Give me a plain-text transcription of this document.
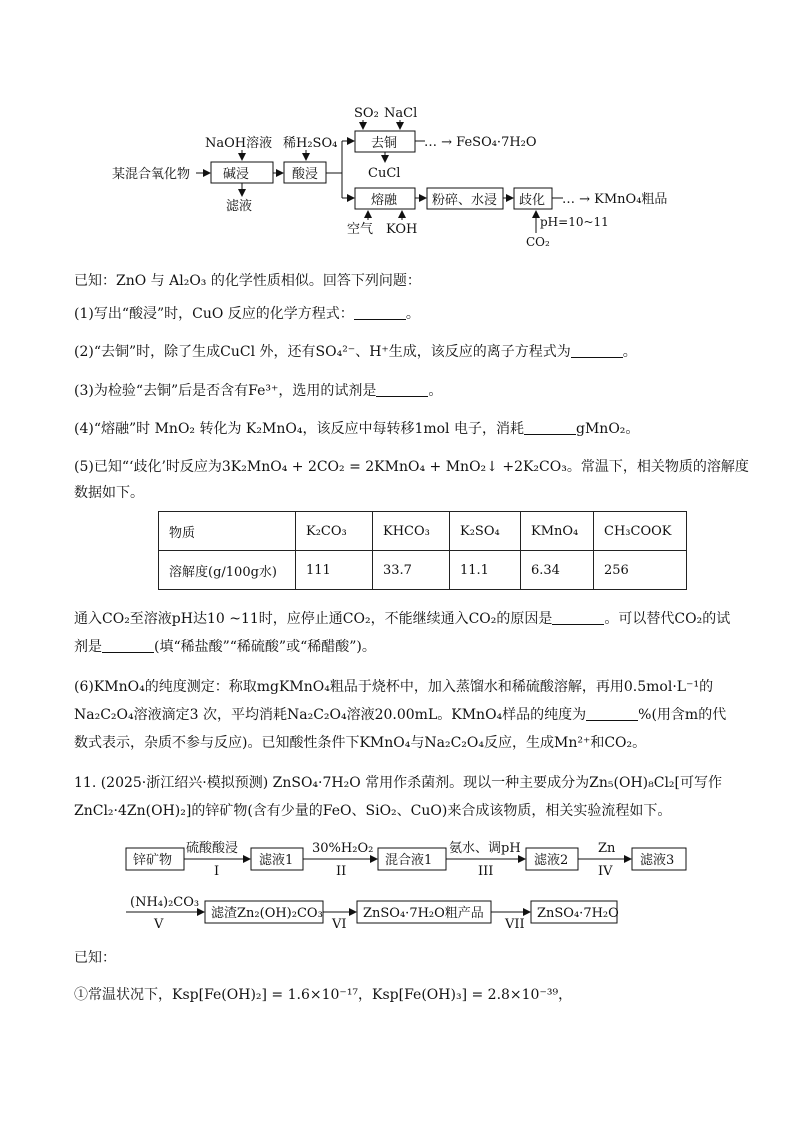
某混合氧化物
NaOH溶液
碱浸
滤液
稀H₂SO₄
酸浸
SO₂ NaCl
去铜
CuCl
… → FeSO₄·7H₂O
熔融
空气 KOH
粉碎、水浸 歧化
pH=10~11
CO₂
… → KMnO₄粗品
已知：ZnO 与 Al₂O₃ 的化学性质相似。回答下列问题：
(1)写出“酸浸”时，CuO 反应的化学方程式：	。
(2)“去铜”时，除了生成CuCl 外，还有SO₄²⁻、H⁺生成，该反应的离子方程式为	。
(3)为检验“去铜”后是否含有Fe³⁺，选用的试剂是	。
(4)“熔融”时 MnO₂ 转化为 K₂MnO₄，该反应中每转移1mol 电子，消耗	gMnO₂。
(5)已知“‘歧化’时反应为3K₂MnO₄ + 2CO₂ = 2KMnO₄ + MnO₂↓ +2K₂CO₃。常温下，相关物质的溶解度
数据如下。
物质	K₂CO₃	KHCO₃	K₂SO₄	KMnO₄	CH₃COOK
溶解度(g/100g水)	111	33.7	11.1	6.34	256
通入CO₂至溶液pH达10 ~11时，应停止通CO₂，不能继续通入CO₂的原因是	。可以替代CO₂的试
剂是	(填“稀盐酸”“稀硫酸”或“稀醋酸”)。
(6)KMnO₄的纯度测定：称取mgKMnO₄粗品于烧杯中，加入蒸馏水和稀硫酸溶解，再用0.5mol·L⁻¹的
Na₂C₂O₄溶液滴定3 次，平均消耗Na₂C₂O₄溶液20.00mL。KMnO₄样品的纯度为	%(用含m的代
数式表示，杂质不参与反应)。已知酸性条件下KMnO₄与Na₂C₂O₄反应，生成Mn²⁺和CO₂。
11. (2025·浙江绍兴·模拟预测) ZnSO₄·7H₂O 常用作杀菌剂。现以一种主要成分为Zn₅(OH)₈Cl₂[可写作
ZnCl₂·4Zn(OH)₂]的锌矿物(含有少量的FeO、SiO₂、CuO)来合成该物质，相关实验流程如下。
锌矿物
硫酸酸浸
I
滤液1
30%H₂O₂
II
混合液1
氨水、调pH
III
滤液2
Zn
IV
滤液3
(NH₄)₂CO₃
V
滤渣Zn₂(OH)₂CO₃
VI
ZnSO₄·7H₂O粗产品
VII
ZnSO₄·7H₂O
已知：
①常温状况下，Ksp[Fe(OH)₂] = 1.6×10⁻¹⁷，Ksp[Fe(OH)₃] = 2.8×10⁻³⁹，
